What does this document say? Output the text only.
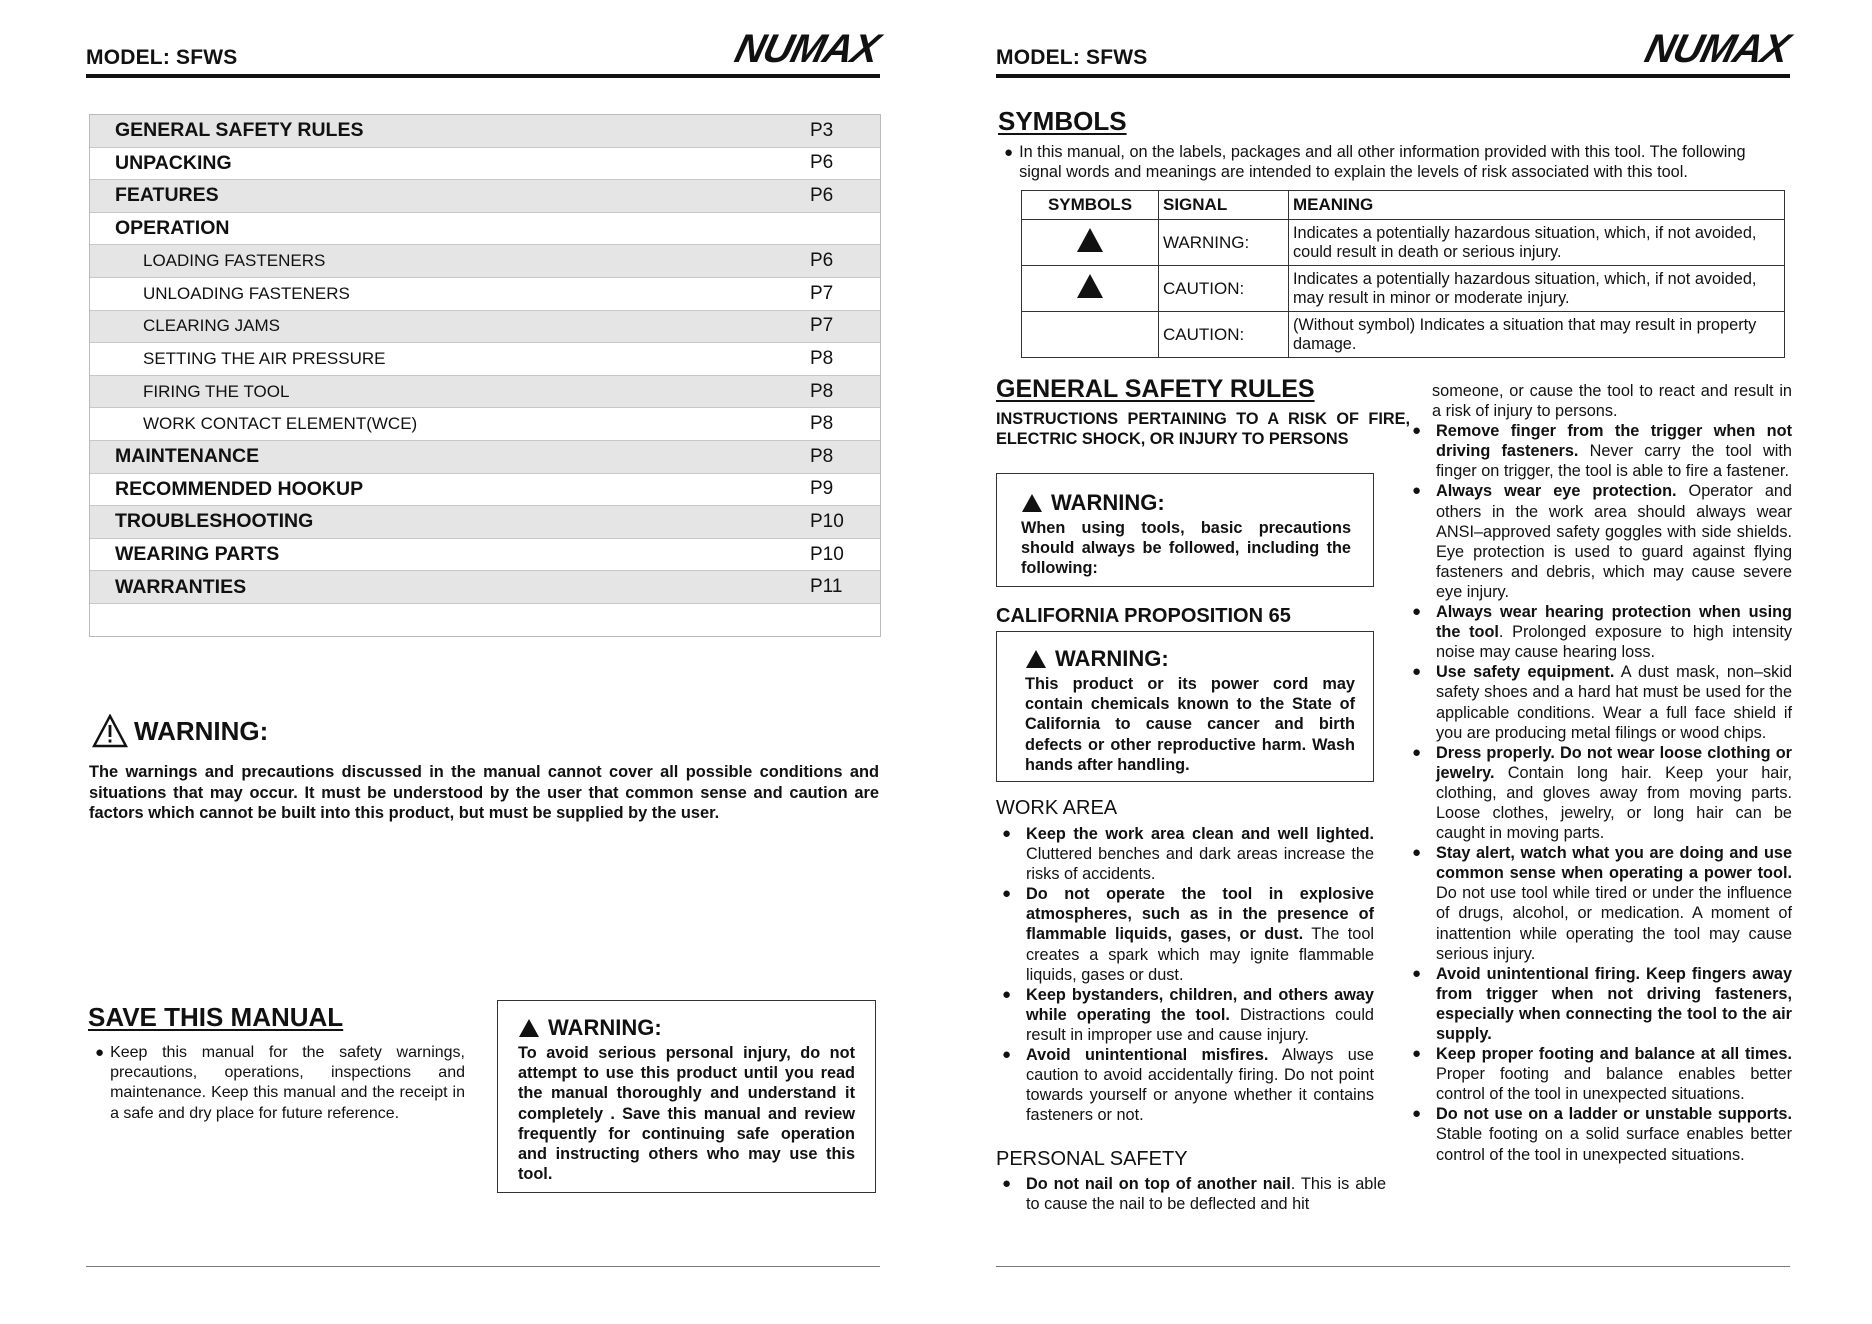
MODEL: SFWS	NUMAX
GENERAL SAFETY RULES	P3
UNPACKING	P6
FEATURES	P6
OPERATION
LOADING FASTENERS	P6
UNLOADING FASTENERS	P7
CLEARING JAMS	P7
SETTING THE AIR PRESSURE	P8
FIRING THE TOOL	P8
WORK CONTACT ELEMENT(WCE)	P8
MAINTENANCE	P8
RECOMMENDED HOOKUP	P9
TROUBLESHOOTING	P10
WEARING PARTS	P10
WARRANTIES	P11
WARNING:
The warnings and precautions discussed in the manual cannot cover all possible conditions and situations that may occur. It must be understood by the user that common sense and caution are factors which cannot be built into this product, but must be supplied by the user.
SAVE THIS MANUAL
● Keep this manual for the safety warnings, precautions, operations, inspections and maintenance. Keep this manual and the receipt in a safe and dry place for future reference.
WARNING:
To avoid serious personal injury, do not attempt to use this product until you read the manual thoroughly and understand it completely . Save this manual and review frequently for continuing safe operation and instructing others who may use this tool.
MODEL: SFWS	NUMAX
SYMBOLS
● In this manual, on the labels, packages and all other information provided with this tool. The following signal words and meanings are intended to explain the levels of risk associated with this tool.
SYMBOLS	SIGNAL	MEANING
	WARNING:	Indicates a potentially hazardous situation, which, if not avoided, could result in death or serious injury.
	CAUTION:	Indicates a potentially hazardous situation, which, if not avoided, may result in minor or moderate injury.
	CAUTION:	(Without symbol) Indicates a situation that may result in property damage.
GENERAL SAFETY RULES
INSTRUCTIONS PERTAINING TO A RISK OF FIRE, ELECTRIC SHOCK, OR INJURY TO PERSONS
WARNING:
When using tools, basic precautions should always be followed, including the following:
CALIFORNIA PROPOSITION 65
WARNING:
This product or its power cord may contain chemicals known to the State of California to cause cancer and birth defects or other reproductive harm. Wash hands after handling.
WORK AREA
● Keep the work area clean and well lighted. Cluttered benches and dark areas increase the risks of accidents.
● Do not operate the tool in explosive atmospheres, such as in the presence of flammable liquids, gases, or dust. The tool creates a spark which may ignite flammable liquids, gases or dust.
● Keep bystanders, children, and others away while operating the tool. Distractions could result in improper use and cause injury.
● Avoid unintentional misfires. Always use caution to avoid accidentally firing. Do not point towards yourself or anyone whether it contains fasteners or not.
PERSONAL SAFETY
● Do not nail on top of another nail. This is able to cause the nail to be deflected and hit
someone, or cause the tool to react and result in a risk of injury to persons.
● Remove finger from the trigger when not driving fasteners. Never carry the tool with finger on trigger, the tool is able to fire a fastener.
● Always wear eye protection. Operator and others in the work area should always wear ANSI–approved safety goggles with side shields. Eye protection is used to guard against flying fasteners and debris, which may cause severe eye injury.
● Always wear hearing protection when using the tool. Prolonged exposure to high intensity noise may cause hearing loss.
● Use safety equipment. A dust mask, non–skid safety shoes and a hard hat must be used for the applicable conditions. Wear a full face shield if you are producing metal filings or wood chips.
● Dress properly. Do not wear loose clothing or jewelry. Contain long hair. Keep your hair, clothing, and gloves away from moving parts. Loose clothes, jewelry, or long hair can be caught in moving parts.
● Stay alert, watch what you are doing and use common sense when operating a power tool. Do not use tool while tired or under the influence of drugs, alcohol, or medication. A moment of inattention while operating the tool may cause serious injury.
● Avoid unintentional firing. Keep fingers away from trigger when not driving fasteners, especially when connecting the tool to the air supply.
● Keep proper footing and balance at all times. Proper footing and balance enables better control of the tool in unexpected situations.
● Do not use on a ladder or unstable supports. Stable footing on a solid surface enables better control of the tool in unexpected situations.
